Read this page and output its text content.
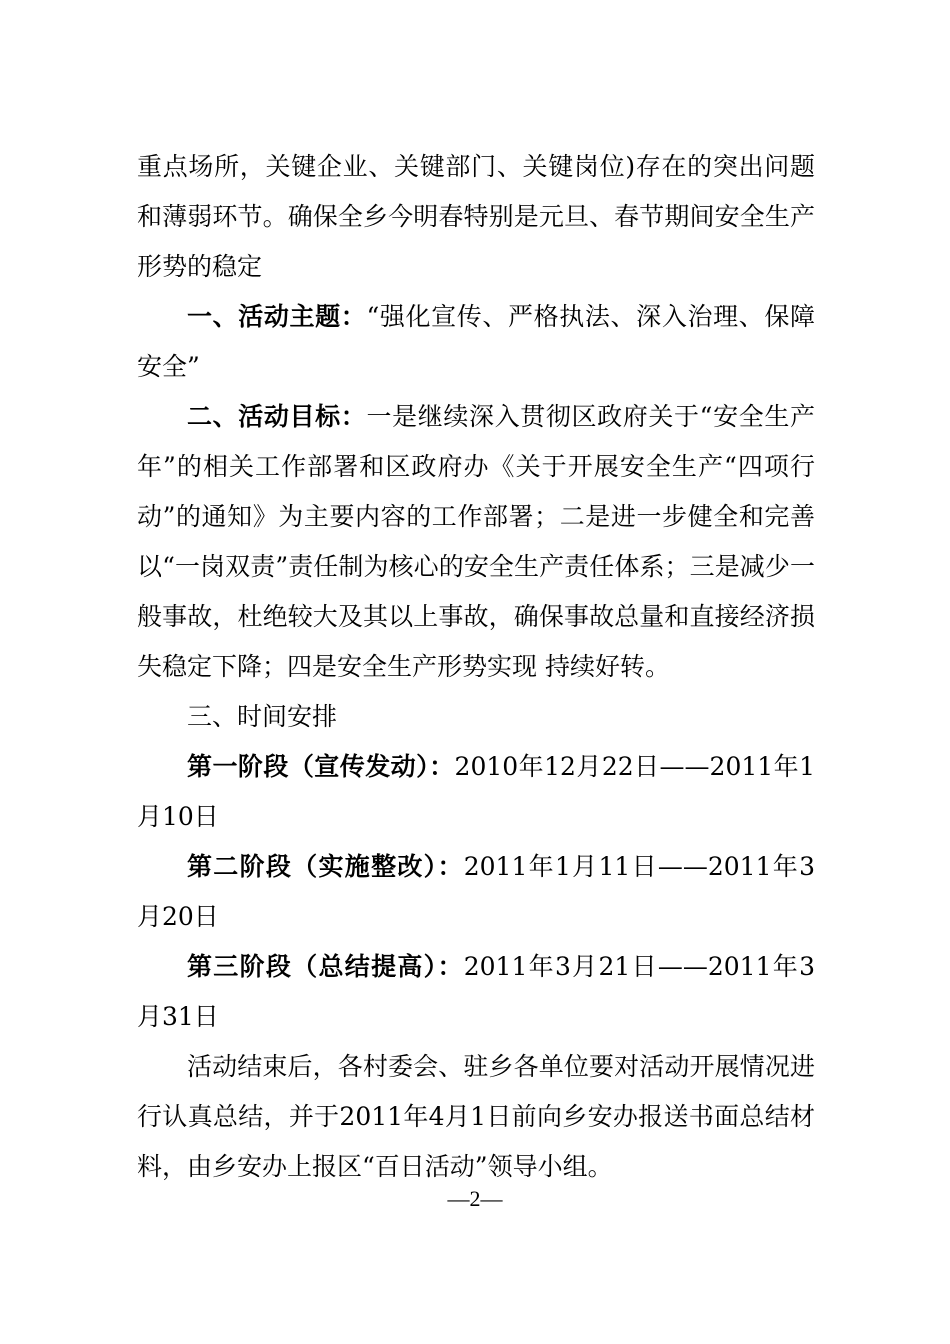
重点场所，关键企业、关键部门、关键岗位)存在的突出问题和薄弱环节。确保全乡今明春特别是元旦、春节期间安全生产形势的稳定

一、活动主题：“强化宣传、严格执法、深入治理、保障安全”

二、活动目标：一是继续深入贯彻区政府关于“安全生产年”的相关工作部署和区政府办《关于开展安全生产“四项行动”的通知》为主要内容的工作部署；二是进一步健全和完善以“一岗双责”责任制为核心的安全生产责任体系；三是减少一般事故，杜绝较大及其以上事故，确保事故总量和直接经济损失稳定下降；四是安全生产形势实现 持续好转。

三、时间安排

第一阶段（宣传发动）：2010年12月22日——2011年1月10日

第二阶段（实施整改）：2011年1月11日——2011年3月20日

第三阶段（总结提高）：2011年3月21日——2011年3月31日

活动结束后，各村委会、驻乡各单位要对活动开展情况进行认真总结，并于2011年4月1日前向乡安办报送书面总结材料，由乡安办上报区“百日活动”领导小组。

—2—
